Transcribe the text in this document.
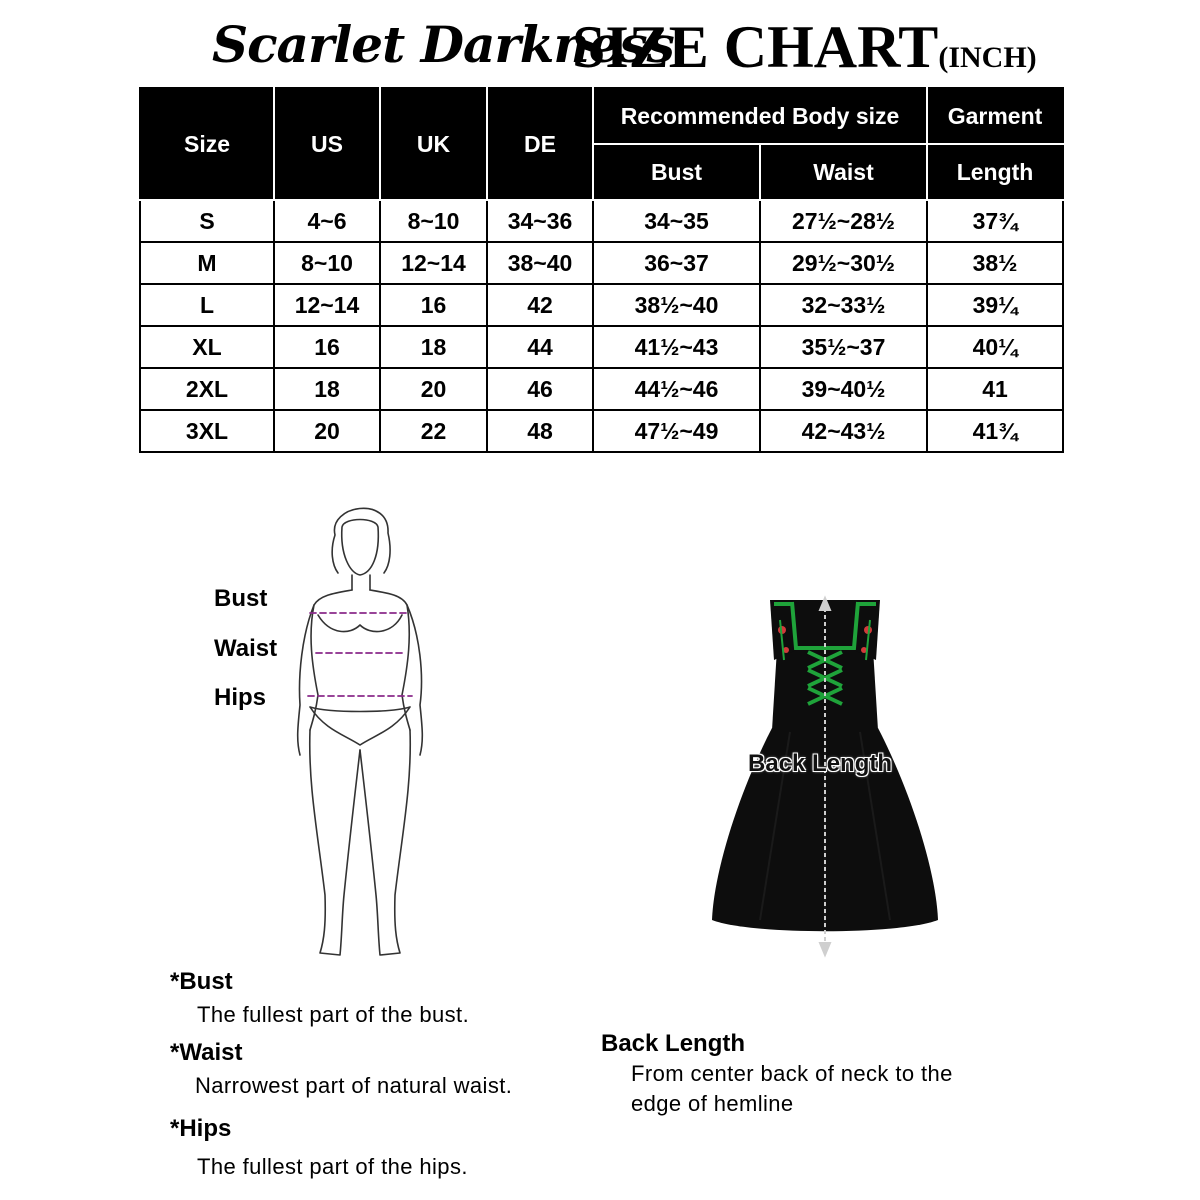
Scarlet Darkness
SIZE CHART(INCH)
Size	US	UK	DE	Recommended Body size		Garment
				Bust	Waist	Length
S	4~6	8~10	34~36	34~35	27½~28½	37¾
M	8~10	12~14	38~40	36~37	29½~30½	38½
L	12~14	16	42	38½~40	32~33½	39¼
XL	16	18	44	41½~43	35½~37	40¼
2XL	18	20	46	44½~46	39~40½	41
3XL	20	22	48	47½~49	42~43½	41¾
Bust
Waist
Hips
Back Length
*Bust
The fullest part of the bust.
*Waist
Narrowest part of natural waist.
*Hips
The fullest part of the hips.
Back Length
From center back of neck to the
edge of hemline
